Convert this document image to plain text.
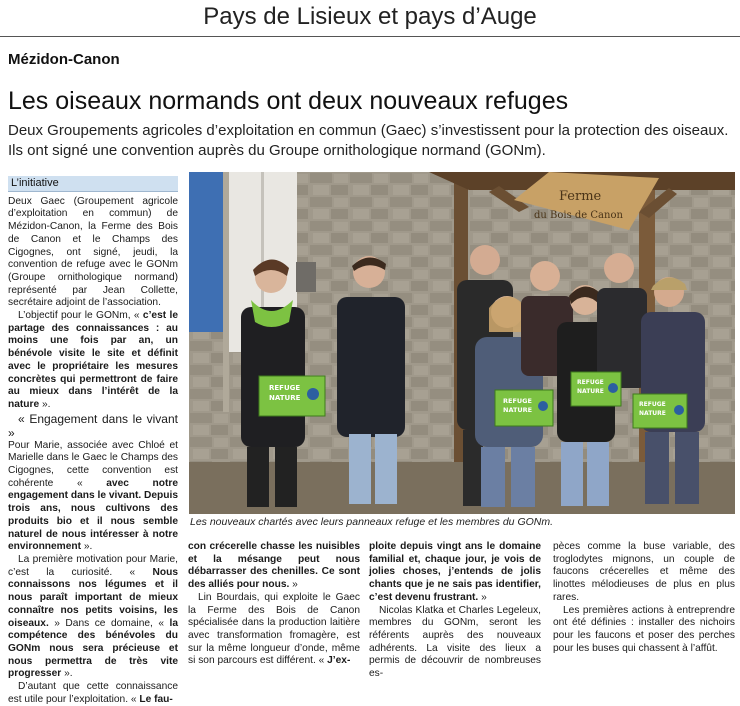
Pays de Lisieux et pays d’Auge
Mézidon-Canon
Les oiseaux normands ont deux nouveaux refuges
Deux Groupements agricoles d’exploitation en commun (Gaec) s’investissent pour la protection des oiseaux. Ils ont signé une convention auprès du Groupe ornithologique normand (GONm).
L’initiative

Deux Gaec (Groupement agricole d’exploitation en commun) de Mézidon-Canon, la Ferme des Bois de Canon et le Champs des Cigognes, ont signé, jeudi, la convention de refuge avec le GONm (Groupe ornithologique normand) représenté par Jean Collette, secrétaire adjoint de l’association.

L’objectif pour le GONm, « c’est le partage des connaissances : au moins une fois par an, un bénévole visite le site et définit avec le propriétaire les mesures concrètes qui permettront de faire au mieux dans l’intérêt de la nature ».

« Engagement dans le vivant »

Pour Marie, associée avec Chloé et Marielle dans le Gaec le Champs des Cigognes, cette convention est cohérente « avec notre engagement dans le vivant. Depuis trois ans, nous cultivons des produits bio et il nous semble naturel de nous intéresser à notre environnement ».

La première motivation pour Marie, c’est la curiosité. « Nous connaissons nos légumes et il nous paraît important de mieux connaître nos petits voisins, les oiseaux. » Dans ce domaine, « la compétence des bénévoles du GONm nous sera précieuse et nous permettra de très vite progresser ».

D’autant que cette connaissance est utile pour l’exploitation. « Le fau-

Ferme
du Bois de Canon
REFUGE
NATURE	REFUGE
NATURE
REFUGE
NATURE
REFUGE
NATURE
Les nouveaux chartés avec leurs panneaux refuge et les membres du GONm.

con crécerelle chasse les nuisibles et la mésange peut nous débarrasser des chenilles. Ce sont des alliés pour nous. »

Lin Bourdais, qui exploite le Gaec la Ferme des Bois de Canon spécialisée dans la production laitière avec transformation fromagère, est sur la même longueur d’onde, même si son parcours est différent. « J’ex-

ploite depuis vingt ans le domaine familial et, chaque jour, je vois de jolies choses, j’entends de jolis chants que je ne sais pas identifier, c’est devenu frustrant. »

Nicolas Klatka et Charles Legeleux, membres du GONm, seront les référents auprès des nouveaux adhérents. La visite des lieux a permis de découvrir de nombreuses es-

pèces comme la buse variable, des troglodytes mignons, un couple de faucons crécerelles et même des linottes mélodieuses de plus en plus rares.

Les premières actions à entreprendre ont été définies : installer des nichoirs pour les faucons et poser des perches pour les buses qui chassent à l’affût.
